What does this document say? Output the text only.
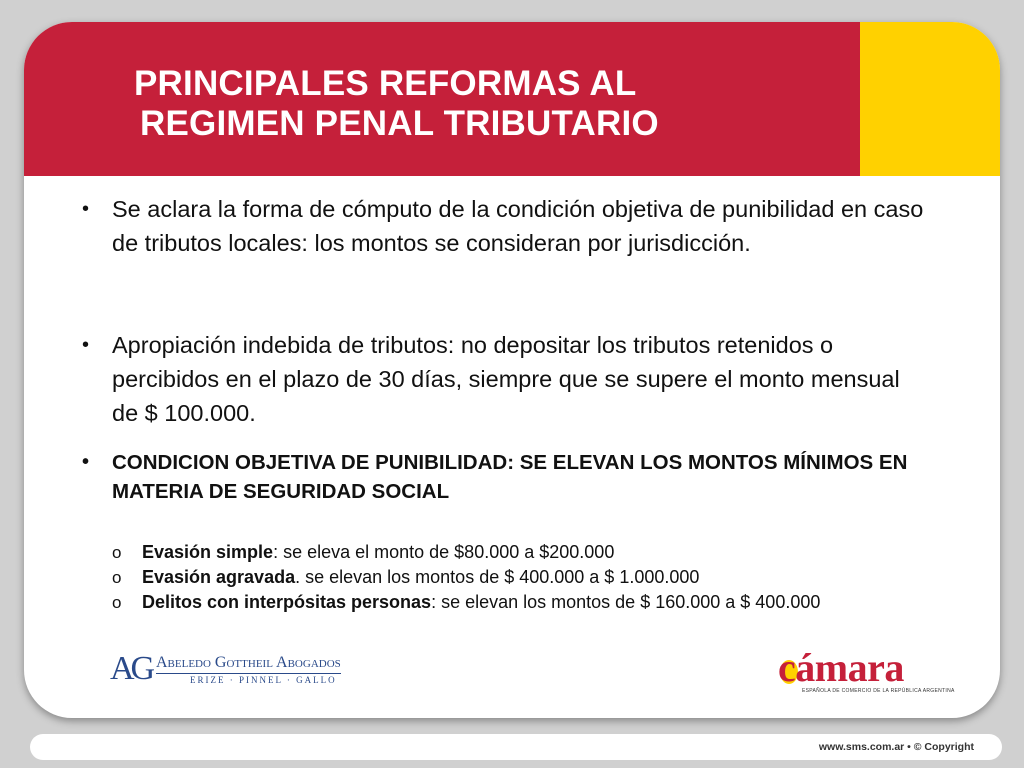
PRINCIPALES REFORMAS AL
REGIMEN PENAL TRIBUTARIO
• Se aclara la forma de cómputo de la condición objetiva de punibilidad en caso de tributos locales: los montos se consideran por jurisdicción.
• Apropiación indebida de tributos: no depositar los tributos retenidos o percibidos en el plazo de 30 días, siempre que se supere el monto mensual de $ 100.000.
• CONDICION OBJETIVA DE PUNIBILIDAD: SE ELEVAN LOS MONTOS MÍNIMOS EN MATERIA DE SEGURIDAD SOCIAL
o Evasión simple: se eleva el monto de $80.000 a $200.000
o Evasión agravada. se elevan los montos de $ 400.000 a $ 1.000.000
o Delitos con interpósitas personas: se elevan los montos de $ 160.000 a $ 400.000
AG Abeledo Gottheil Abogados
ERIZE · PINNEL · GALLO	cámara
ESPAÑOLA DE COMERCIO DE LA REPÚBLICA ARGENTINA
www.sms.com.ar • © Copyright
